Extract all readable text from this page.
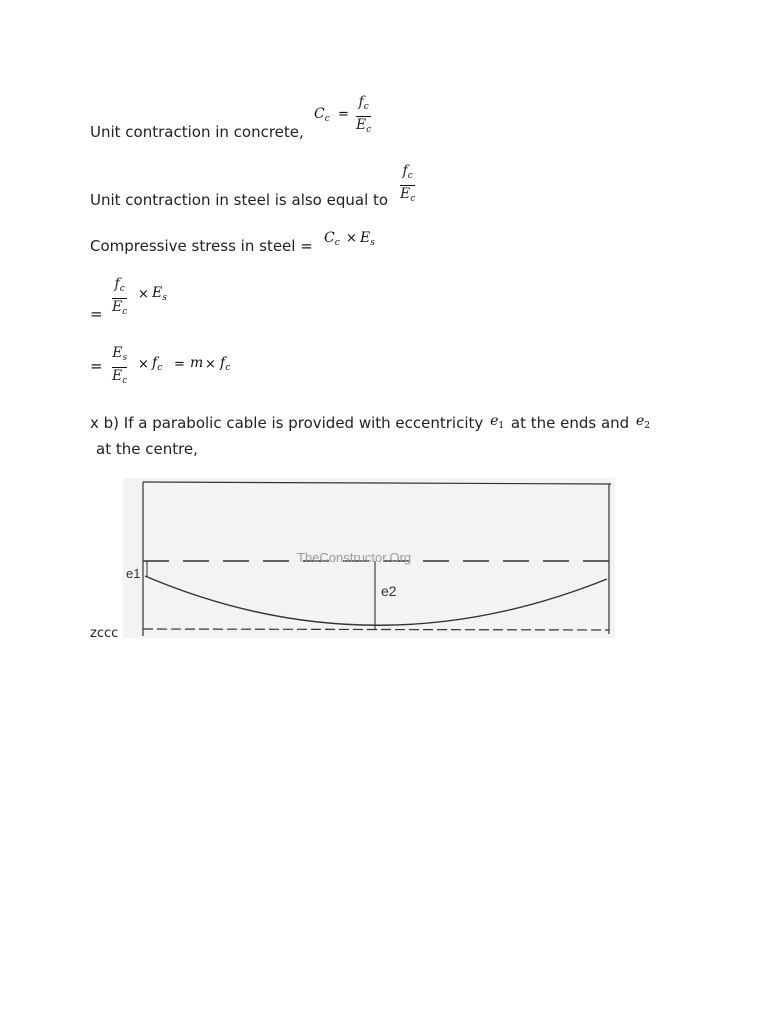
Unit contraction in concrete,
$C_c$ =
$f_c$
$E_c$
Unit contraction in steel is also equal to
$f_c$
$E_c$
Compressive stress in steel = $C_c \times E_s$
=
$f_c$
$E_c$
× $E_s$
=
$E_s$
$E_c$
× $f_c = m \times f_c$
x b) If a parabolic cable is provided with eccentricity $e_1$ at the ends and $e_2$
at the centre,
TheConstructor.Org
e1
e2
zccc
